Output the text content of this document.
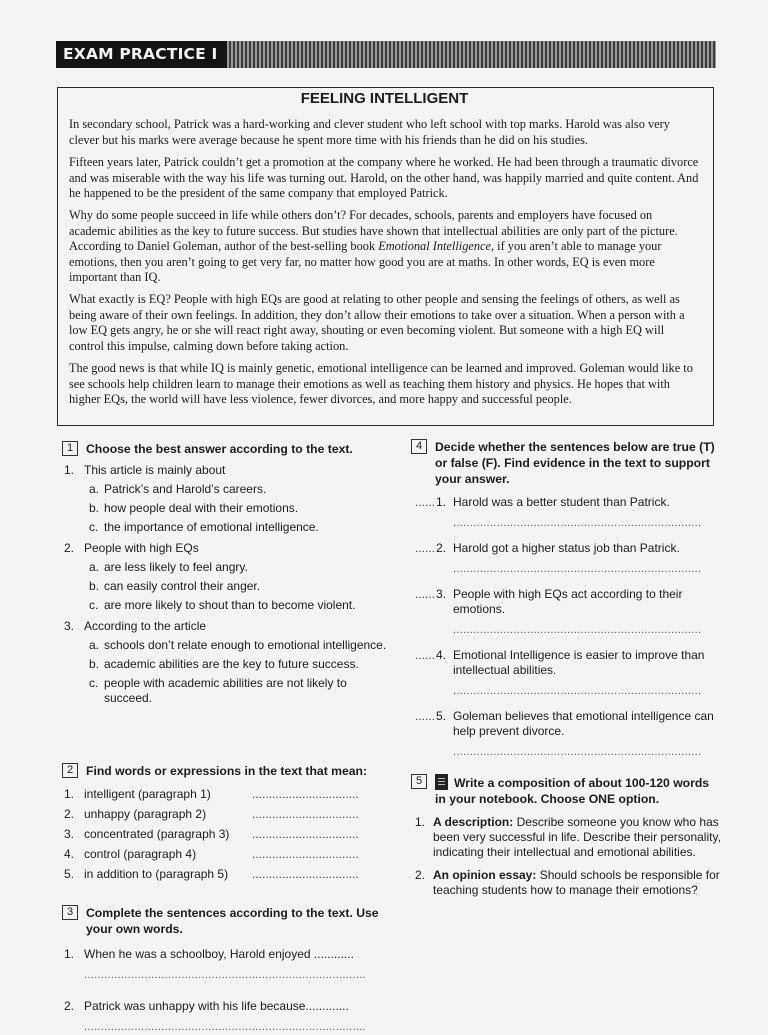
EXAM PRACTICE I
FEELING INTELLIGENT

In secondary school, Patrick was a hard-working and clever student who left school with top marks. Harold was also very clever but his marks were average because he spent more time with his friends than he did on his studies.

Fifteen years later, Patrick couldn’t get a promotion at the company where he worked. He had been through a traumatic divorce and was miserable with the way his life was turning out. Harold, on the other hand, was happily married and quite content. And he happened to be the president of the same company that employed Patrick.

Why do some people succeed in life while others don’t? For decades, schools, parents and employers have focused on academic abilities as the key to future success. But studies have shown that intellectual abilities are only part of the picture. According to Daniel Goleman, author of the best-selling book Emotional Intelligence, if you aren’t able to manage your emotions, then you aren’t going to get very far, no matter how good you are at maths. In other words, EQ is even more important than IQ.

What exactly is EQ? People with high EQs are good at relating to other people and sensing the feelings of others, as well as being aware of their own feelings. In addition, they don’t allow their emotions to take over a situation. When a person with a low EQ gets angry, he or she will react right away, shouting or even becoming violent. But someone with a high EQ will control this impulse, calming down before taking action.

The good news is that while IQ is mainly genetic, emotional intelligence can be learned and improved. Goleman would like to see schools help children learn to manage their emotions as well as teaching them history and physics. He hopes that with higher EQs, the world will have less violence, fewer divorces, and more happy and successful people.

1	Choose the best answer according to the text.
1. This article is mainly about
a. Patrick’s and Harold’s careers.
b. how people deal with their emotions.
c. the importance of emotional intelligence.
2. People with high EQs
a. are less likely to feel angry.
b. can easily control their anger.
c. are more likely to shout than to become violent.
3. According to the article
a. schools don’t relate enough to emotional intelligence.
b. academic abilities are the key to future success.
c. people with academic abilities are not likely to succeed.
2	Find words or expressions in the text that mean:
1. intelligent (paragraph 1)	................................
2. unhappy (paragraph 2)	................................
3. concentrated (paragraph 3) ................................
4. control (paragraph 4)	................................
5. in addition to (paragraph 5) ................................
3	Complete the sentences according to the text. Use your own words.
1. When he was a schoolboy, Harold enjoyed ............
....................................................................................
2. Patrick was unhappy with his life because.............
....................................................................................
4	Decide whether the sentences below are true (T) or false (F). Find evidence in the text to support your answer.
...... 1. Harold was a better student than Patrick.
..........................................................................
...... 2. Harold got a higher status job than Patrick.
..........................................................................
...... 3. People with high EQs act according to their emotions.
..........................................................................
...... 4. Emotional Intelligence is easier to improve than intellectual abilities.
..........................................................................
...... 5. Goleman believes that emotional intelligence can help prevent divorce.
..........................................................................
5	Write a composition of about 100-120 words in your notebook. Choose ONE option.
1. A description: Describe someone you know who has been very successful in life. Describe their personality, indicating their intellectual and emotional abilities.
2. An opinion essay: Should schools be responsible for teaching students how to manage their emotions?
